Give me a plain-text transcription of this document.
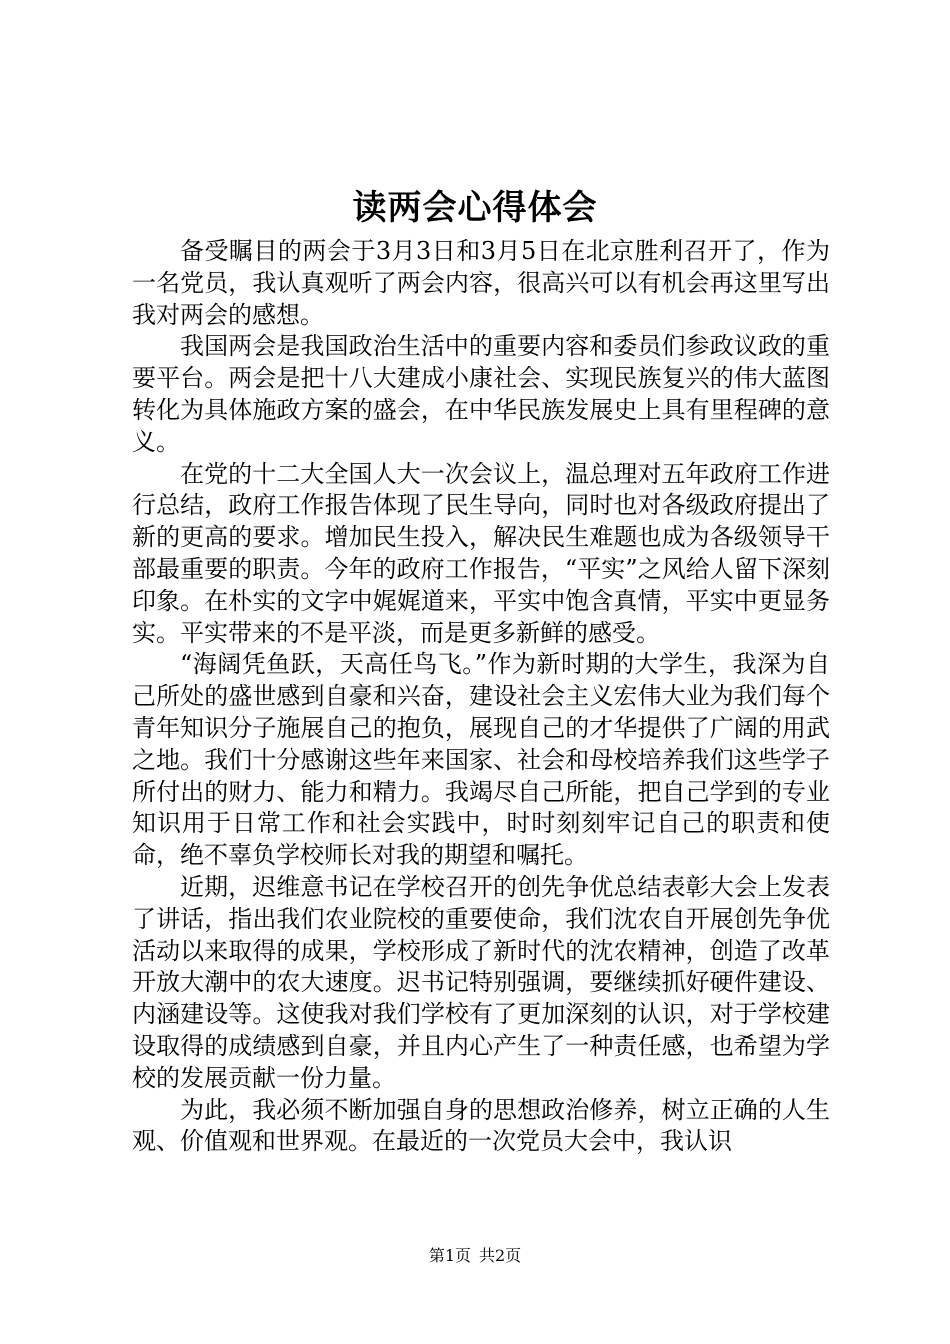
读两会心得体会

备受瞩目的两会于3月3日和3月5日在北京胜利召开了，作为一名党员，我认真观听了两会内容，很高兴可以有机会再这里写出我对两会的感想。

我国两会是我国政治生活中的重要内容和委员们参政议政的重要平台。两会是把十八大建成小康社会、实现民族复兴的伟大蓝图转化为具体施政方案的盛会，在中华民族发展史上具有里程碑的意义。

在党的十二大全国人大一次会议上，温总理对五年政府工作进行总结，政府工作报告体现了民生导向，同时也对各级政府提出了新的更高的要求。增加民生投入，解决民生难题也成为各级领导干部最重要的职责。今年的政府工作报告，“平实”之风给人留下深刻印象。在朴实的文字中娓娓道来，平实中饱含真情，平实中更显务实。平实带来的不是平淡，而是更多新鲜的感受。

“海阔凭鱼跃，天高任鸟飞。”作为新时期的大学生，我深为自己所处的盛世感到自豪和兴奋，建设社会主义宏伟大业为我们每个青年知识分子施展自己的抱负，展现自己的才华提供了广阔的用武之地。我们十分感谢这些年来国家、社会和母校培养我们这些学子所付出的财力、能力和精力。我竭尽自己所能，把自己学到的专业知识用于日常工作和社会实践中，时时刻刻牢记自己的职责和使命，绝不辜负学校师长对我的期望和嘱托。

近期，迟维意书记在学校召开的创先争优总结表彰大会上发表了讲话，指出我们农业院校的重要使命，我们沈农自开展创先争优活动以来取得的成果，学校形成了新时代的沈农精神，创造了改革开放大潮中的农大速度。迟书记特别强调，要继续抓好硬件建设、内涵建设等。这使我对我们学校有了更加深刻的认识，对于学校建设取得的成绩感到自豪，并且内心产生了一种责任感，也希望为学校的发展贡献一份力量。

为此，我必须不断加强自身的思想政治修养，树立正确的人生观、价值观和世界观。在最近的一次党员大会中，我认识

第1页 共2页
